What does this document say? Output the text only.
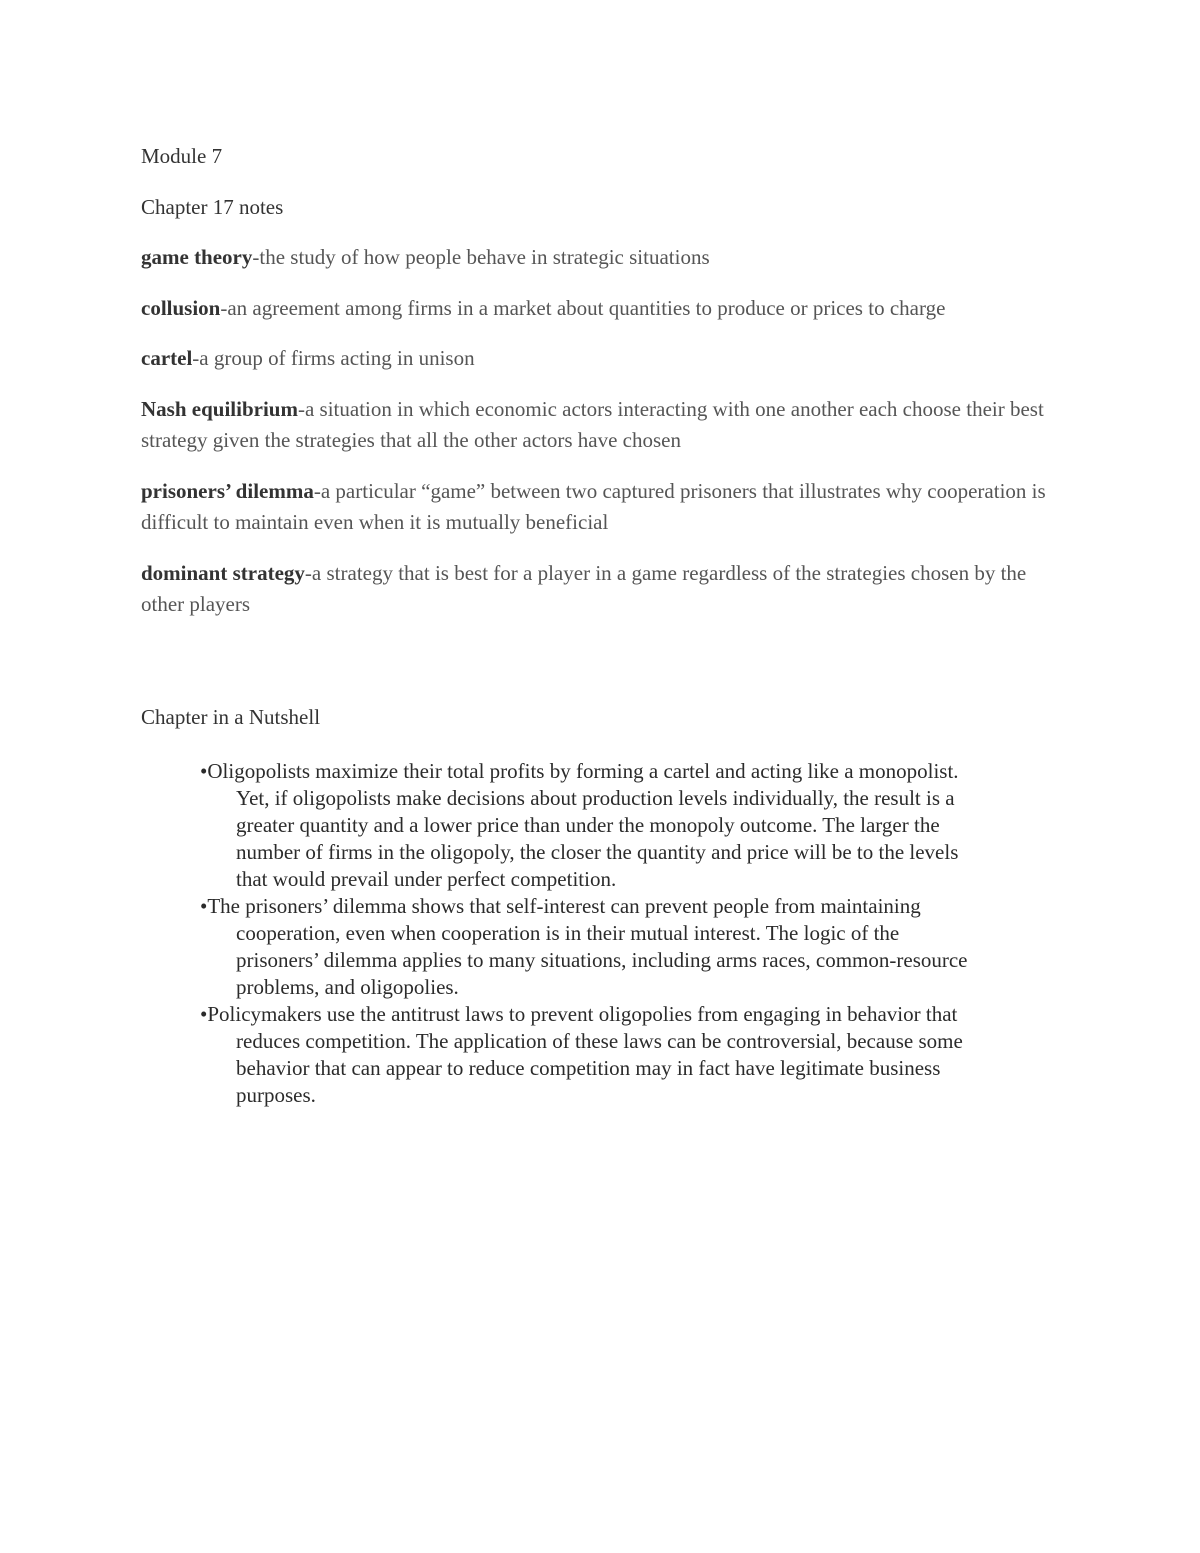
Module 7
Chapter 17 notes
game theory-the study of how people behave in strategic situations
collusion-an agreement among firms in a market about quantities to produce or prices to charge
cartel-a group of firms acting in unison
Nash equilibrium-a situation in which economic actors interacting with one another each choose their best strategy given the strategies that all the other actors have chosen
prisoners’ dilemma-a particular “game” between two captured prisoners that illustrates why cooperation is difficult to maintain even when it is mutually beneficial
dominant strategy-a strategy that is best for a player in a game regardless of the strategies chosen by the other players
Chapter in a Nutshell
•Oligopolists maximize their total profits by forming a cartel and acting like a monopolist. Yet, if oligopolists make decisions about production levels individually, the result is a greater quantity and a lower price than under the monopoly outcome. The larger the number of firms in the oligopoly, the closer the quantity and price will be to the levels that would prevail under perfect competition.
•The prisoners’ dilemma shows that self-interest can prevent people from maintaining cooperation, even when cooperation is in their mutual interest. The logic of the prisoners’ dilemma applies to many situations, including arms races, common-resource problems, and oligopolies.
•Policymakers use the antitrust laws to prevent oligopolies from engaging in behavior that reduces competition. The application of these laws can be controversial, because some behavior that can appear to reduce competition may in fact have legitimate business purposes.
